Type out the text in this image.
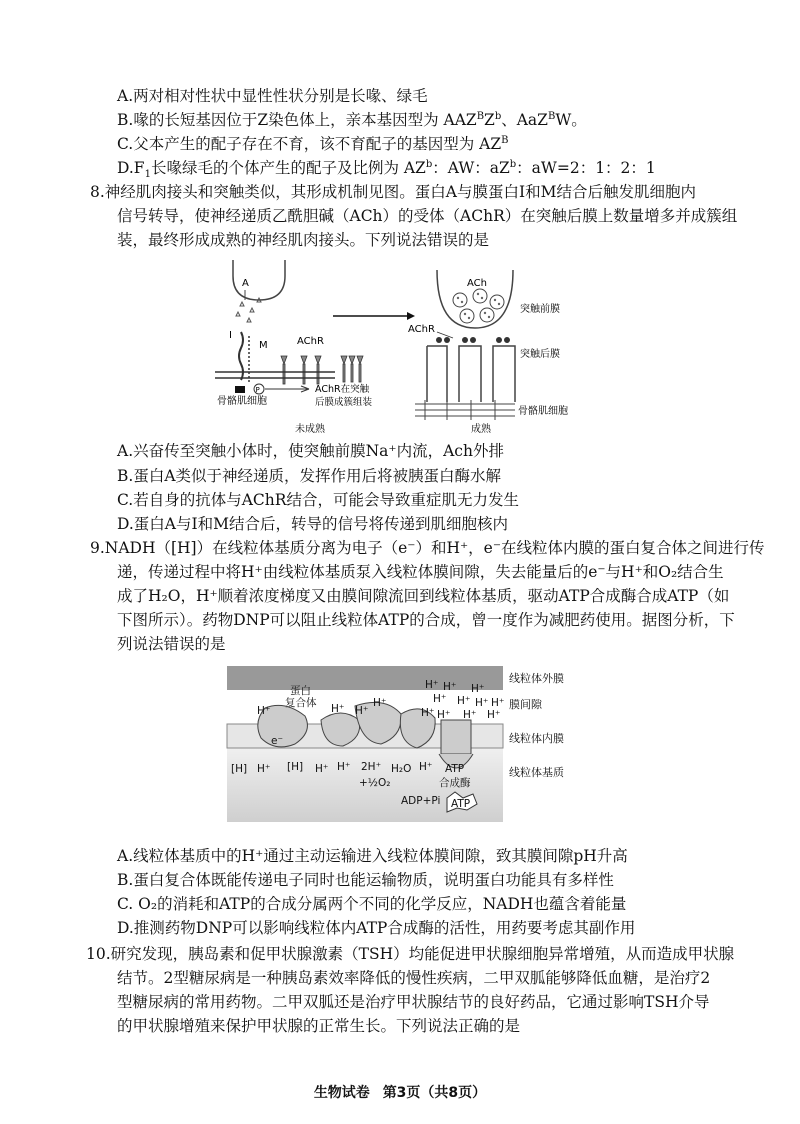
A.两对相对性状中显性性状分别是长喙、绿毛
B.喙的长短基因位于Z染色体上，亲本基因型为 $AAZ^BZ^b$、AaZ$^B$W。
C.父本产生的配子存在不育，该不育配子的基因型为 $AZ^B$
$D.F_1$长喙绿毛的个体产生的配子及比例为 $AZ^b$：AW：$aZ^b$：aW=2：1：2：1
8.神经肌肉接头和突触类似，其形成机制见图。蛋白A与膜蛋白Ⅰ和M结合后触发肌细胞内
信号转导，使神经递质乙酰胆碱（ACh）的受体（AChR）在突触后膜上数量增多并成簇组
装，最终形成成熟的神经肌肉接头。下列说法错误的是
A
I
M	AChR
P	AChR在突触
后膜成簇组装
骨骼肌细胞
未成熟
ACh
突触前膜
AChR
突触后膜
骨骼肌细胞
成熟
A.兴奋传至突触小体时，使突触前膜Na⁺内流，Ach外排
B.蛋白A类似于神经递质，发挥作用后将被胰蛋白酶水解
C.若自身的抗体与AChR结合，可能会导致重症肌无力发生
D.蛋白A与Ⅰ和M结合后，转导的信号将传递到肌细胞核内
9.NADH（[H]）在线粒体基质分离为电子（e⁻）和H⁺，e⁻在线粒体内膜的蛋白复合体之间进行传
递，传递过程中将H⁺由线粒体基质泵入线粒体膜间隙，失去能量后的e⁻与H⁺和O₂结合生
成了H₂O，H⁺顺着浓度梯度又由膜间隙流回到线粒体基质，驱动ATP合成酶合成ATP（如
下图所示）。药物DNP可以阻止线粒体ATP的合成，曾一度作为减肥药使用。据图分析，下
列说法错误的是
H⁺
蛋白
复合体 H⁺ H⁺
H⁺
H⁺ H⁺ H⁺
H⁺ H⁺ H⁺ H⁺
H⁺ H⁺ H⁺ H⁺
e⁻
[H] H⁺ [H] H⁺ H⁺ 2H⁺
+½O₂
H₂O H⁺ ATP
合成酶
ADP+Pi ATP
线粒体外膜
膜间隙
线粒体内膜
线粒体基质
A.线粒体基质中的H⁺通过主动运输进入线粒体膜间隙，致其膜间隙pH升高
B.蛋白复合体既能传递电子同时也能运输物质，说明蛋白功能具有多样性
C. O₂的消耗和ATP的合成分属两个不同的化学反应，NADH也蕴含着能量
D.推测药物DNP可以影响线粒体内ATP合成酶的活性，用药要考虑其副作用
10.研究发现，胰岛素和促甲状腺激素（TSH）均能促进甲状腺细胞异常增殖，从而造成甲状腺
结节。2型糖尿病是一种胰岛素效率降低的慢性疾病，二甲双胍能够降低血糖，是治疗2
型糖尿病的常用药物。二甲双胍还是治疗甲状腺结节的良好药品，它通过影响TSH介导
的甲状腺增殖来保护甲状腺的正常生长。下列说法正确的是
生物试卷 第3页（共8页）
